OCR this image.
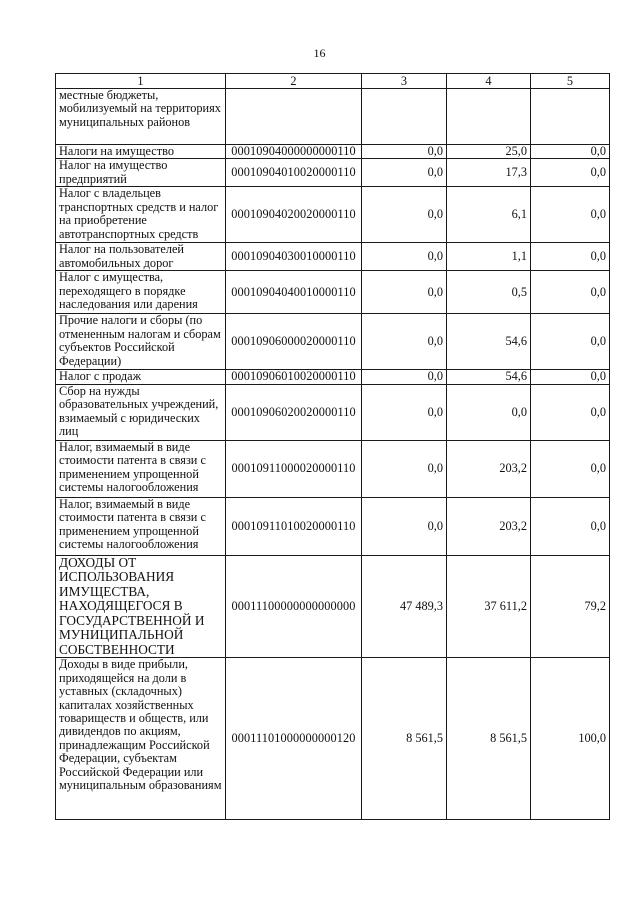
16
1	2	3	4	5
местные бюджеты, мобилизуемый на территориях муниципальных районов				
Налоги на имущество	00010904000000000110	0,0	25,0	0,0
Налог на имущество предприятий	00010904010020000110	0,0	17,3	0,0
Налог с владельцев транспортных средств и налог на приобретение автотранспортных средств	00010904020020000110	0,0	6,1	0,0
Налог на пользователей автомобильных дорог	00010904030010000110	0,0	1,1	0,0
Налог с имущества, переходящего в порядке наследования или дарения	00010904040010000110	0,0	0,5	0,0
Прочие налоги и сборы (по отмененным налогам и сборам субъектов Российской Федерации)	00010906000020000110	0,0	54,6	0,0
Налог с продаж	00010906010020000110	0,0	54,6	0,0
Сбор на нужды образовательных учреждений, взимаемый с юридических лиц	00010906020020000110	0,0	0,0	0,0
Налог, взимаемый в виде стоимости патента в связи с применением упрощенной системы налогообложения	00010911000020000110	0,0	203,2	0,0
Налог, взимаемый в виде стоимости патента в связи с применением упрощенной системы налогообложения	00010911010020000110	0,0	203,2	0,0
ДОХОДЫ ОТ ИСПОЛЬЗОВАНИЯ ИМУЩЕСТВА, НАХОДЯЩЕГОСЯ В ГОСУДАРСТВЕННОЙ И МУНИЦИПАЛЬНОЙ СОБСТВЕННОСТИ	00011100000000000000	47 489,3	37 611,2	79,2
Доходы в виде прибыли, приходящейся на доли в уставных (складочных) капиталах хозяйственных товариществ и обществ, или дивидендов по акциям, принадлежащим Российской Федерации, субъектам Российской Федерации или муниципальным образованиям	00011101000000000120	8 561,5	8 561,5	100,0
